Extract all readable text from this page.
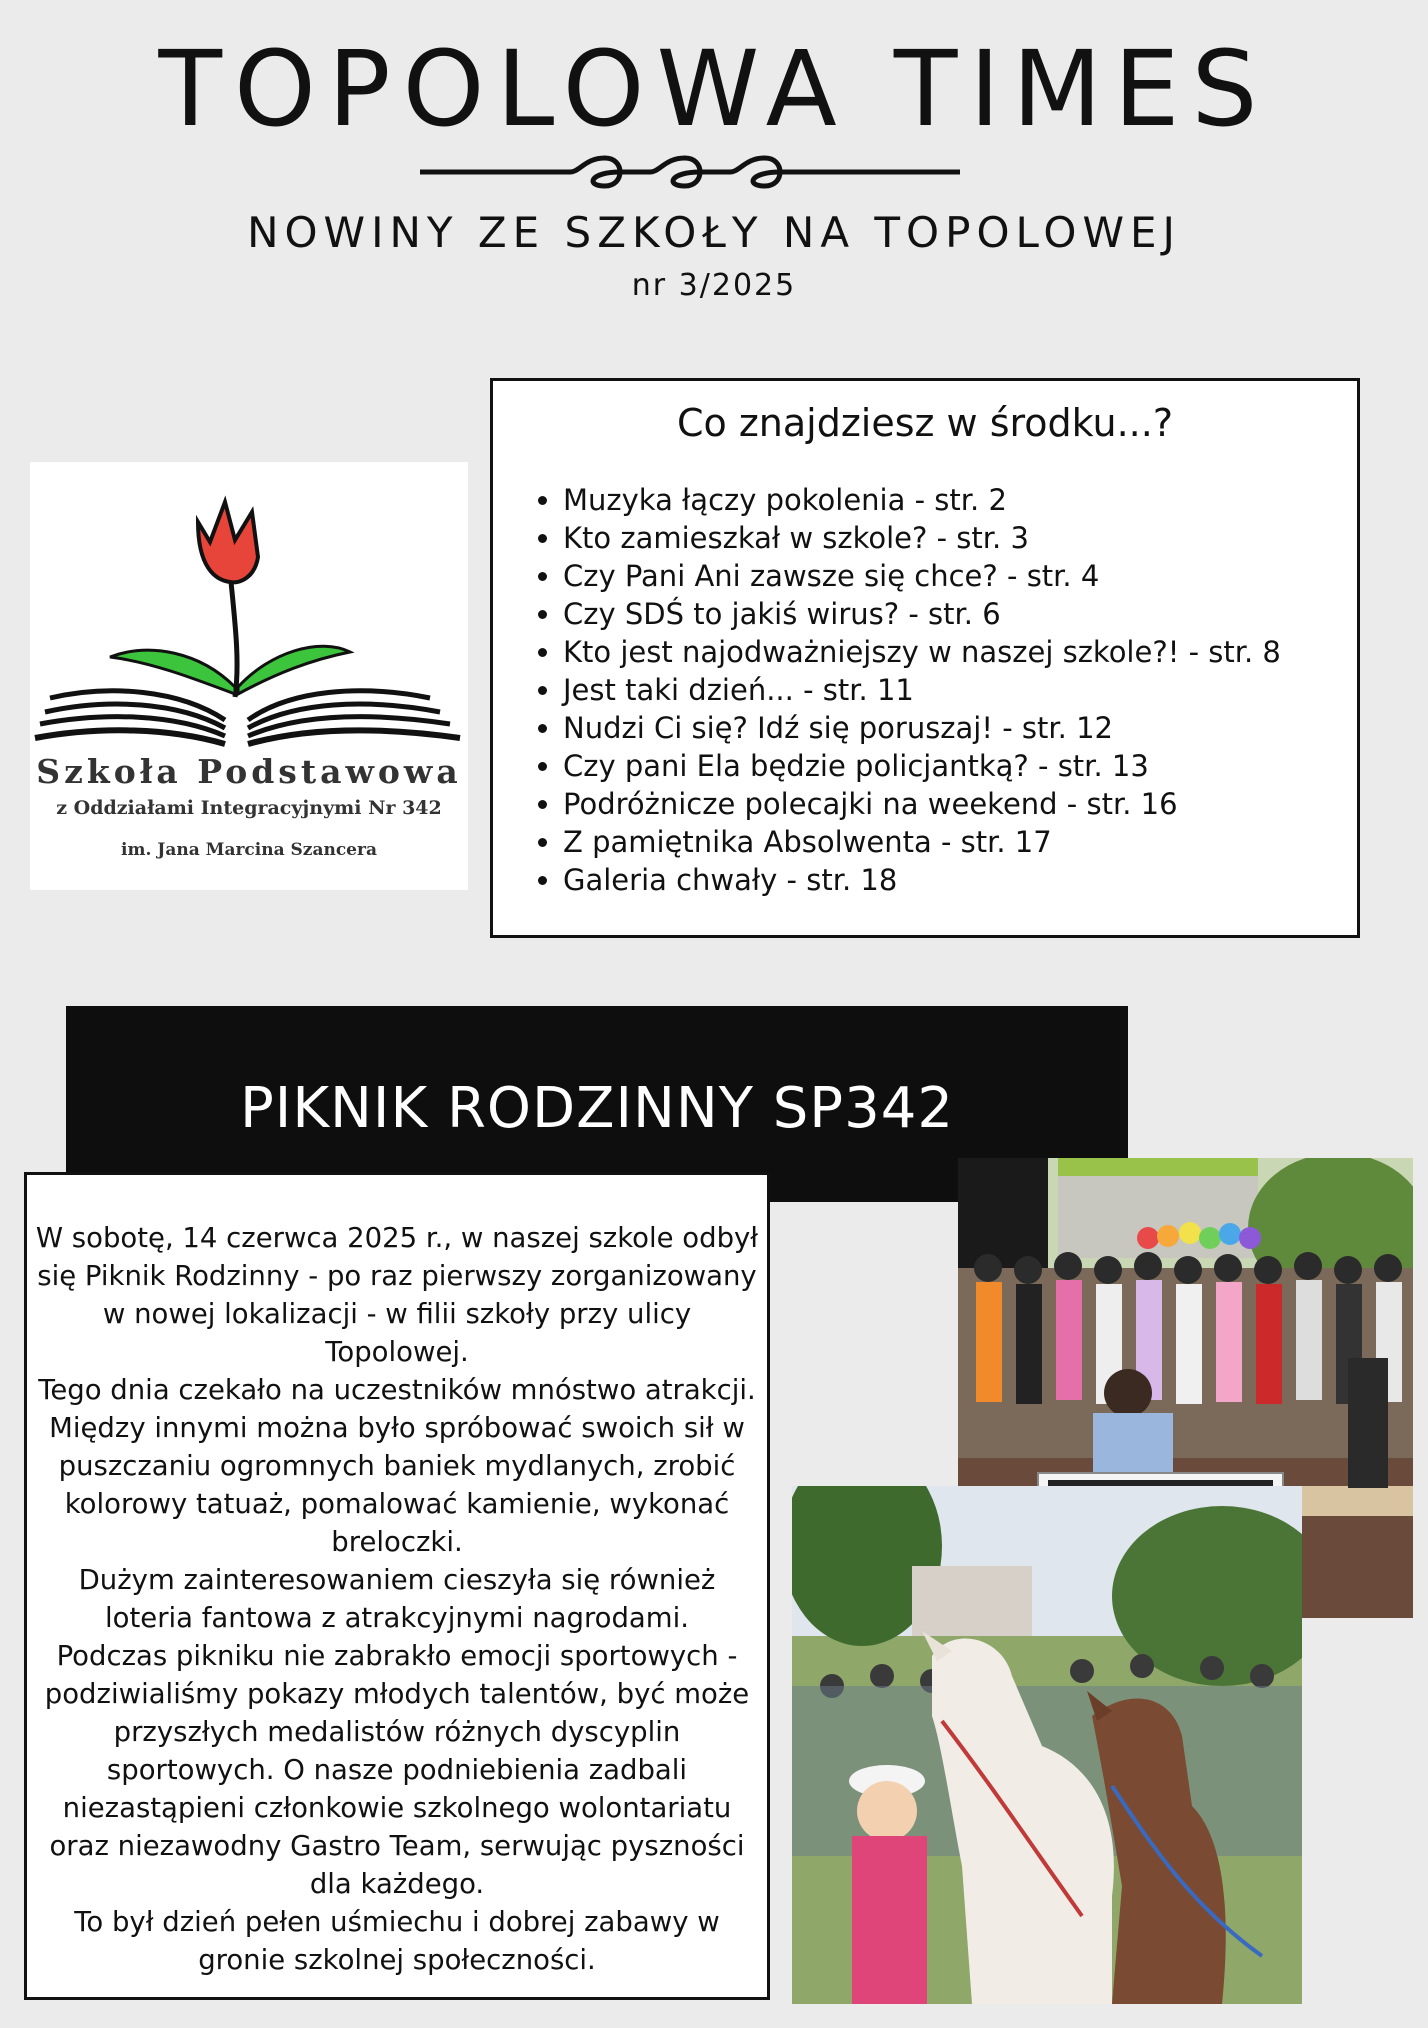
TOPOLOWA TIMES
NOWINY ZE SZKOŁY NA TOPOLOWEJ
nr 3/2025
Szkoła Podstawowa
z Oddziałami Integracyjnymi Nr 342
im. Jana Marcina Szancera
Co znajdziesz w środku...?
• Muzyka łączy pokolenia - str. 2
• Kto zamieszkał w szkole? - str. 3
• Czy Pani Ani zawsze się chce? - str. 4
• Czy SDŚ to jakiś wirus? - str. 6
• Kto jest najodważniejszy w naszej szkole?! - str. 8
• Jest taki dzień... - str. 11
• Nudzi Ci się? Idź się poruszaj! - str. 12
• Czy pani Ela będzie policjantką? - str. 13
• Podróżnicze polecajki na weekend - str. 16
• Z pamiętnika Absolwenta - str. 17
• Galeria chwały - str. 18
PIKNIK RODZINNY SP342

W sobotę, 14 czerwca 2025 r., w naszej szkole odbył się Piknik Rodzinny - po raz pierwszy zorganizowany w nowej lokalizacji - w filii szkoły przy ulicy Topolowej.

Tego dnia czekało na uczestników mnóstwo atrakcji. Między innymi można było spróbować swoich sił w puszczaniu ogromnych baniek mydlanych, zrobić kolorowy tatuaż, pomalować kamienie, wykonać breloczki.

Dużym zainteresowaniem cieszyła się również loteria fantowa z atrakcyjnymi nagrodami.

Podczas pikniku nie zabrakło emocji sportowych - podziwialiśmy pokazy młodych talentów, być może przyszłych medalistów różnych dyscyplin sportowych. O nasze podniebienia zadbali niezastąpieni członkowie szkolnego wolontariatu oraz niezawodny Gastro Team, serwując pyszności dla każdego.

To był dzień pełen uśmiechu i dobrej zabawy w gronie szkolnej społeczności.
